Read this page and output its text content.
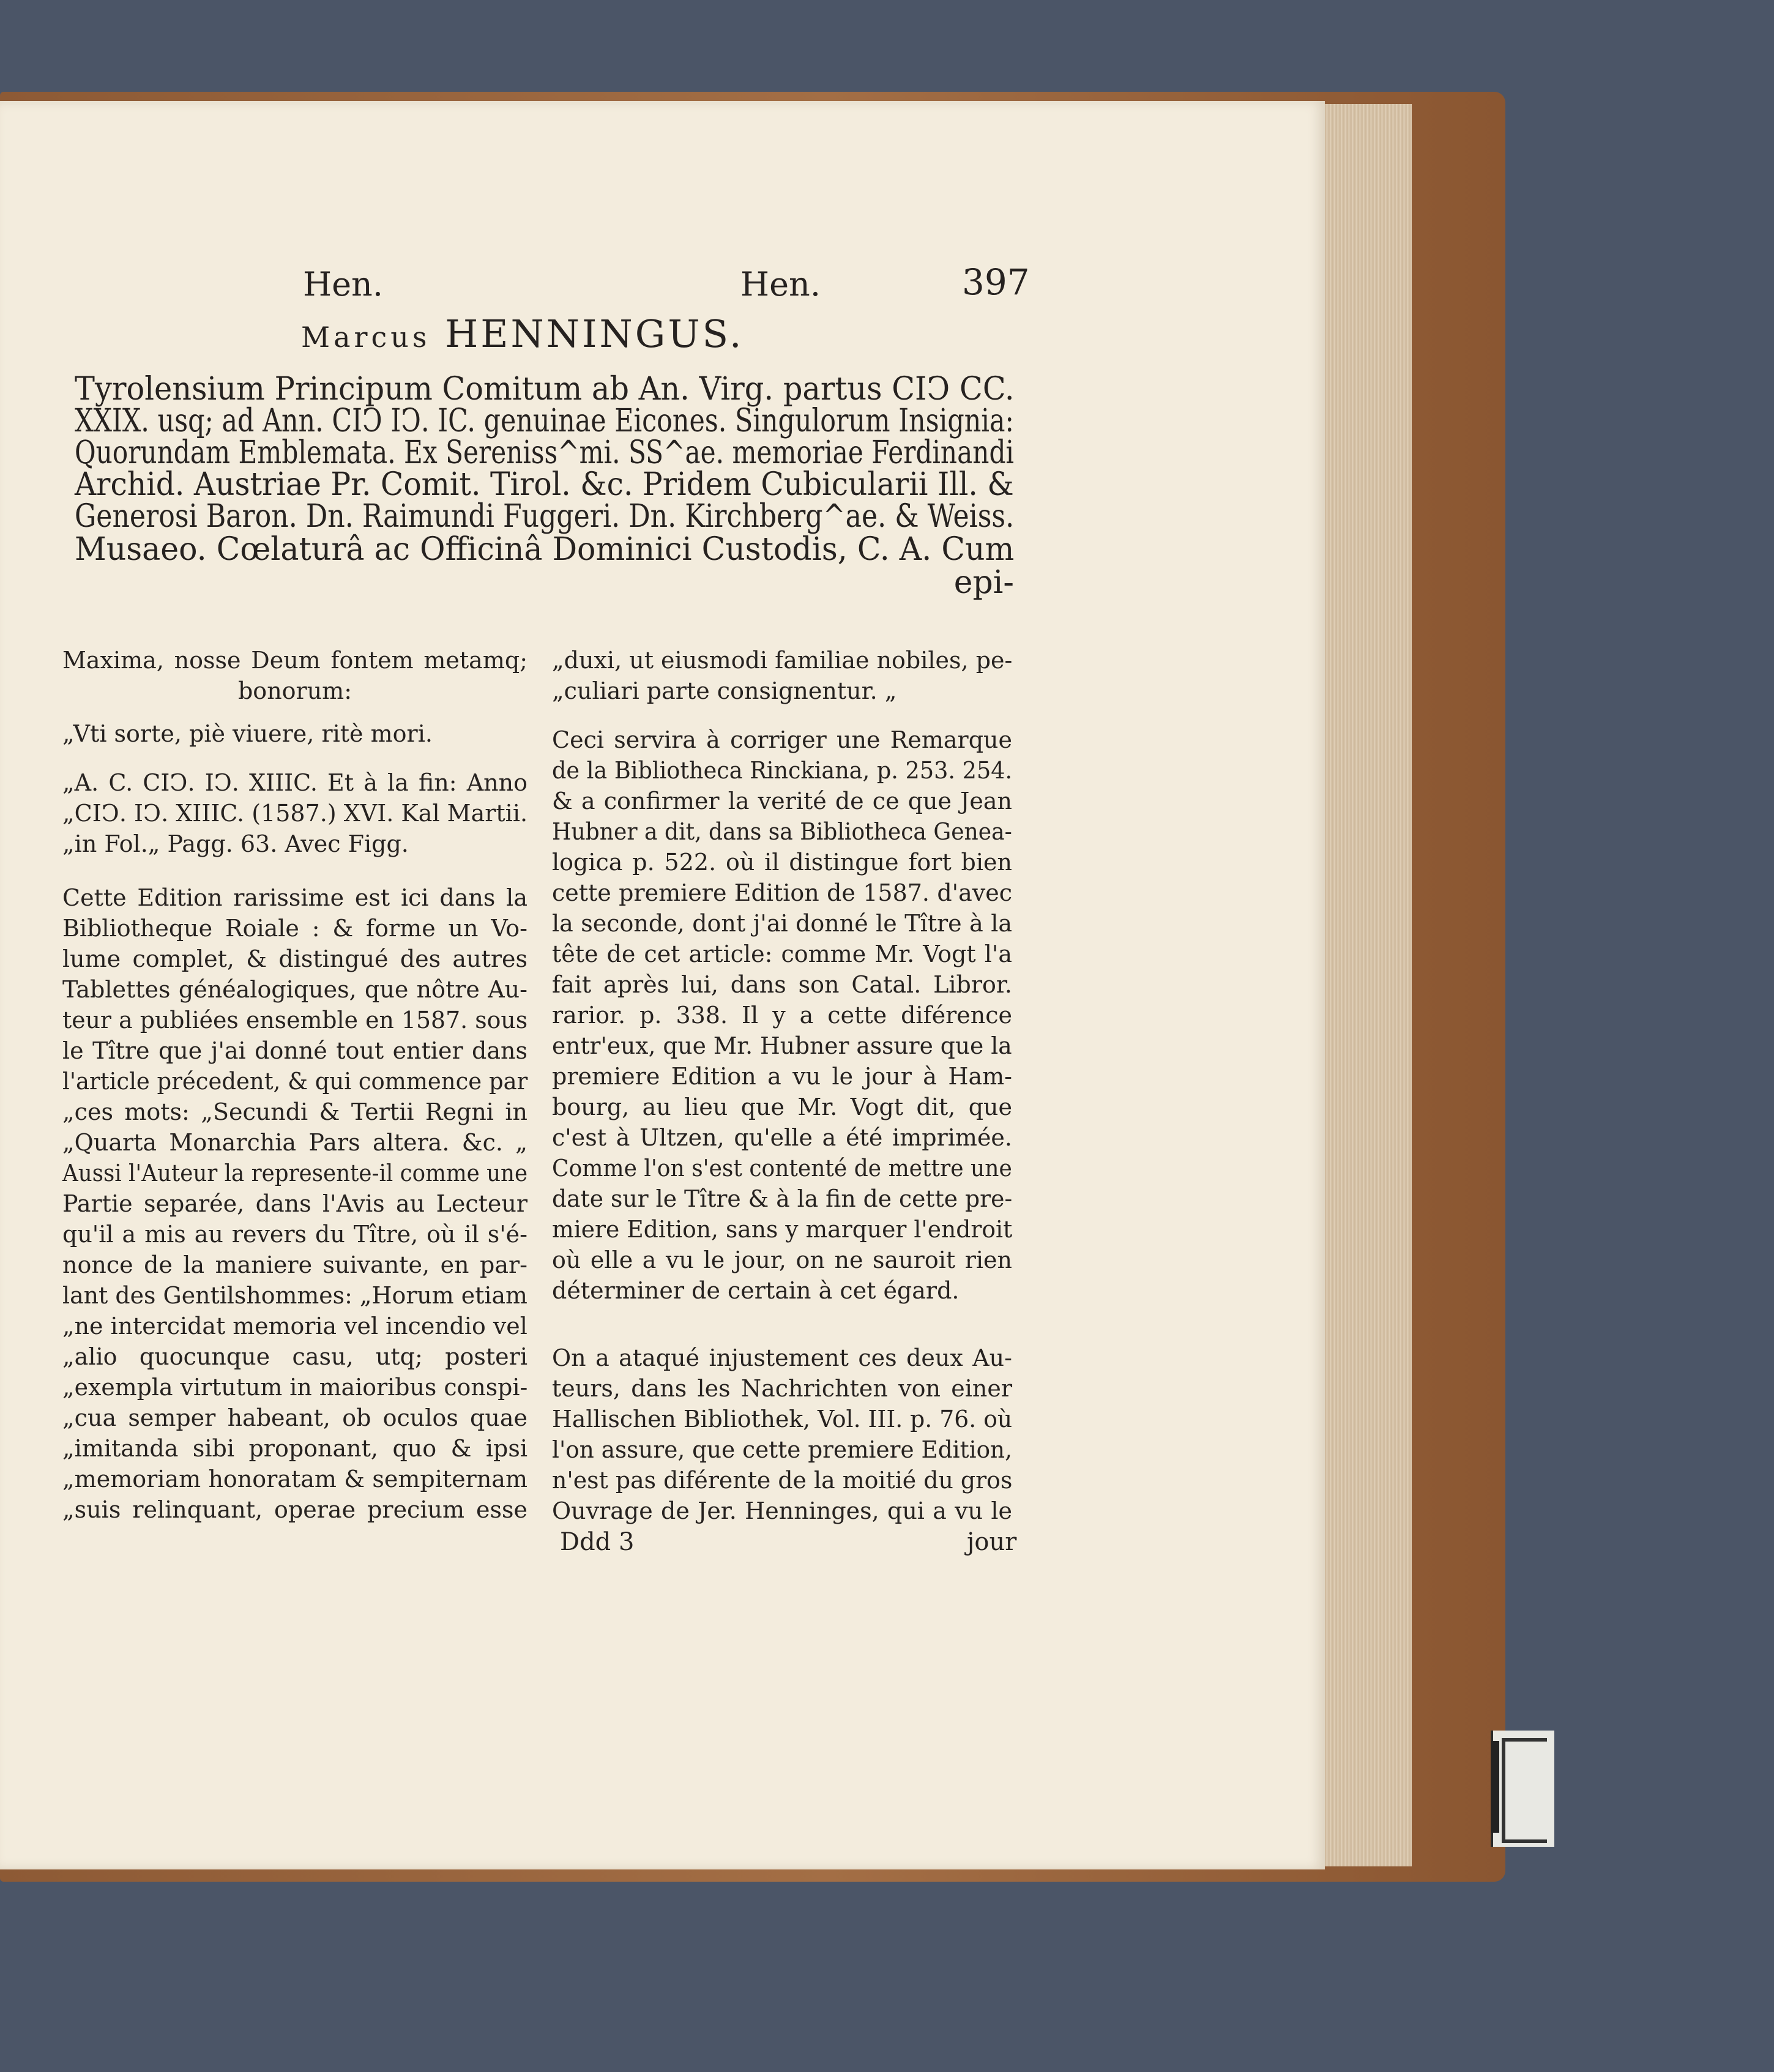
Hen.	Hen.	397
Marcus HENNINGUS.
Tyrolensium Principum Comitum ab An. Virg. partus CIↃ CC.
XXIX. usq; ad Ann. CIↃ IↃ. IC. genuinae Eicones. Singulorum Insignia:
Quorundam Emblemata. Ex Sereniss^mi. SS^ae. memoriae Ferdinandi
Archid. Austriae Pr. Comit. Tirol. &c. Pridem Cubicularii Ill. &
Generosi Baron. Dn. Raimundi Fuggeri. Dn. Kirchberg^ae. & Weiss.
Musaeo. Cœlaturâ ac Officinâ Dominici Custodis, C. A. Cum
epi-
Maxima, nosse Deum fontem metamq;
bonorum:
„Vti sorte, piè viuere, ritè mori.
„A. C. CIↃ. IↃ. XIIIC. Et à la fin: Anno
„CIↃ. IↃ. XIIIC. (1587.) XVI. Kal Martii.
„in Fol.„ Pagg. 63. Avec Figg.
Cette Edition rarissime est ici dans la
Bibliotheque Roiale : & forme un Vo-
lume complet, & distingué des autres
Tablettes généalogiques, que nôtre Au-
teur a publiées ensemble en 1587. sous
le Tître que j'ai donné tout entier dans
l'article précedent, & qui commence par
„ces mots: „Secundi & Tertii Regni in
„Quarta Monarchia Pars altera. &c. „
Aussi l'Auteur la represente-il comme une
Partie separée, dans l'Avis au Lecteur
qu'il a mis au revers du Tître, où il s'é-
nonce de la maniere suivante, en par-
lant des Gentilshommes: „Horum etiam
„ne intercidat memoria vel incendio vel
„alio quocunque casu, utq; posteri
„exempla virtutum in maioribus conspi-
„cua semper habeant, ob oculos quae
„imitanda sibi proponant, quo & ipsi
„memoriam honoratam & sempiternam
„suis relinquant, operae precium esse
„duxi, ut eiusmodi familiae nobiles, pe-
„culiari parte consignentur. „
Ceci servira à corriger une Remarque
de la Bibliotheca Rinckiana, p. 253. 254.
& a confirmer la verité de ce que Jean
Hubner a dit, dans sa Bibliotheca Genea-
logica p. 522. où il distingue fort bien
cette premiere Edition de 1587. d'avec
la seconde, dont j'ai donné le Tître à la
tête de cet article: comme Mr. Vogt l'a
fait après lui, dans son Catal. Libror.
rarior. p. 338. Il y a cette diférence
entr'eux, que Mr. Hubner assure que la
premiere Edition a vu le jour à Ham-
bourg, au lieu que Mr. Vogt dit, que
c'est à Ultzen, qu'elle a été imprimée.
Comme l'on s'est contenté de mettre une
date sur le Tître & à la fin de cette pre-
miere Edition, sans y marquer l'endroit
où elle a vu le jour, on ne sauroit rien
déterminer de certain à cet égard.
On a ataqué injustement ces deux Au-
teurs, dans les Nachrichten von einer
Hallischen Bibliothek, Vol. III. p. 76. où
l'on assure, que cette premiere Edition,
n'est pas diférente de la moitié du gros
Ouvrage de Jer. Henninges, qui a vu le
Ddd 3	jour
